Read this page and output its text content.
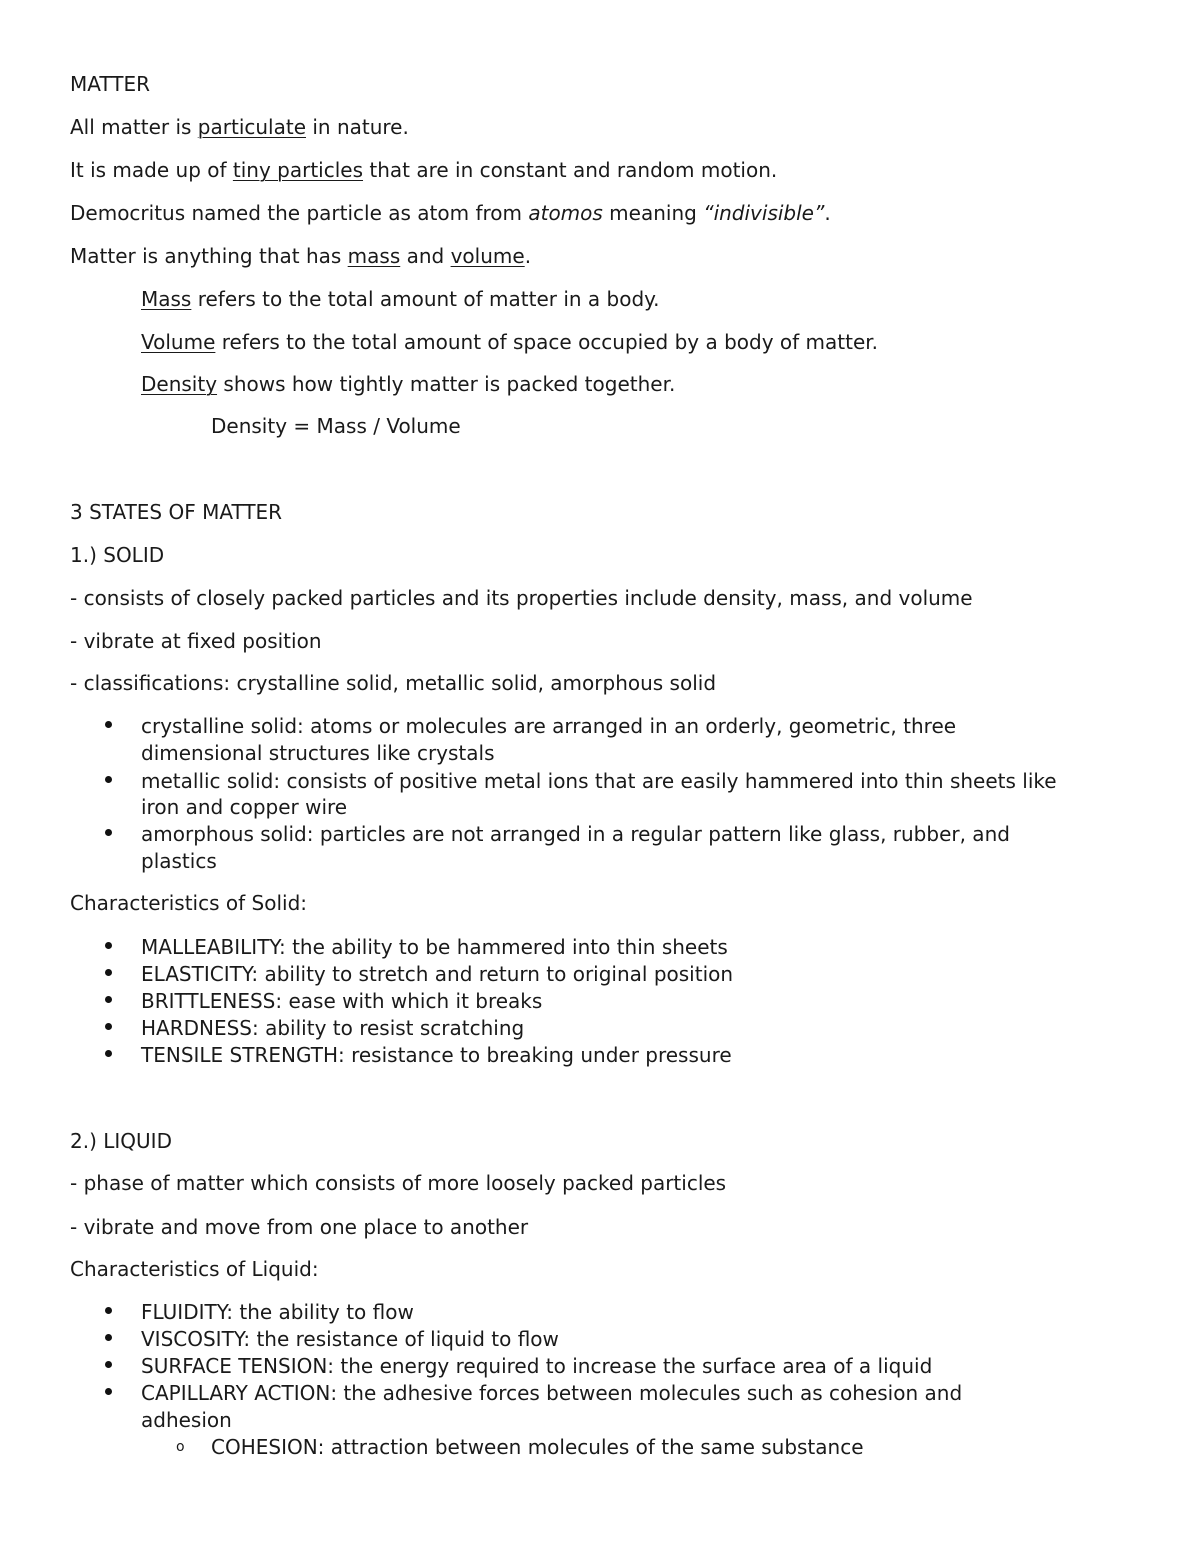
MATTER
All matter is particulate in nature.
It is made up of tiny particles that are in constant and random motion.
Democritus named the particle as atom from atomos meaning “indivisible”.
Matter is anything that has mass and volume.
Mass refers to the total amount of matter in a body.
Volume refers to the total amount of space occupied by a body of matter.
Density shows how tightly matter is packed together.
Density = Mass / Volume
3 STATES OF MATTER
1.) SOLID
- consists of closely packed particles and its properties include density, mass, and volume
- vibrate at fixed position
- classifications: crystalline solid, metallic solid, amorphous solid
crystalline solid: atoms or molecules are arranged in an orderly, geometric, three
dimensional structures like crystals
metallic solid: consists of positive metal ions that are easily hammered into thin sheets like
iron and copper wire
amorphous solid: particles are not arranged in a regular pattern like glass, rubber, and
plastics
Characteristics of Solid:
MALLEABILITY: the ability to be hammered into thin sheets
ELASTICITY: ability to stretch and return to original position
BRITTLENESS: ease with which it breaks
HARDNESS: ability to resist scratching
TENSILE STRENGTH: resistance to breaking under pressure
2.) LIQUID
- phase of matter which consists of more loosely packed particles
- vibrate and move from one place to another
Characteristics of Liquid:
FLUIDITY: the ability to flow
VISCOSITY: the resistance of liquid to flow
SURFACE TENSION: the energy required to increase the surface area of a liquid
CAPILLARY ACTION: the adhesive forces between molecules such as cohesion and
adhesion
o COHESION: attraction between molecules of the same substance
